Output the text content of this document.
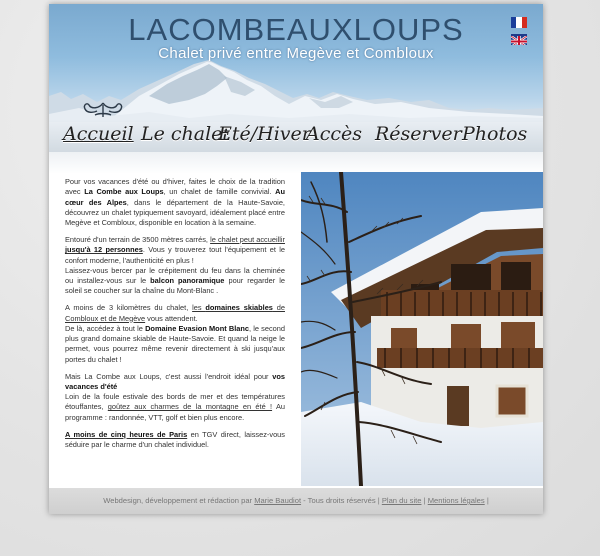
LACOMBEAUXLOUPS
Chalet privé entre Megève et Combloux
Accueil Le chalet
Eté/Hiver
Accès Réserver Photos

Pour vos vacances d'été ou d'hiver, faites le choix de la tradition avec La Combe aux Loups, un chalet de famille convivial. Au cœur des Alpes, dans le département de la Haute-Savoie, découvrez un chalet typiquement savoyard, idéalement placé entre Megève et Combloux, disponible en location à la semaine.

Entouré d'un terrain de 3500 mètres carrés, le chalet peut accueillir jusqu'à 12 personnes. Vous y trouverez tout l'équipement et le confort moderne, l'authenticité en plus !
Laissez-vous bercer par le crépitement du feu dans la cheminée ou installez-vous sur le balcon panoramique pour regarder le soleil se coucher sur la chaîne du Mont-Blanc .

A moins de 3 kilomètres du chalet, les domaines skiables de Combloux et de Megève vous attendent.
De là, accédez à tout le Domaine Evasion Mont Blanc, le second plus grand domaine skiable de Haute-Savoie. Et quand la neige le permet, vous pourrez même revenir directement à ski jusqu'aux portes du chalet !

Mais La Combe aux Loups, c'est aussi l'endroit idéal pour vos vacances d'été
Loin de la foule estivale des bords de mer et des températures étouffantes, goûtez aux charmes de la montagne en été ! Au programme : randonnée, VTT, golf et bien plus encore.

A moins de cinq heures de Paris en TGV direct, laissez-vous séduire par le charme d'un chalet individuel.

Webdesign, développement et rédaction par Marie Baudiot - Tous droits réservés | Plan du site | Mentions légales |
